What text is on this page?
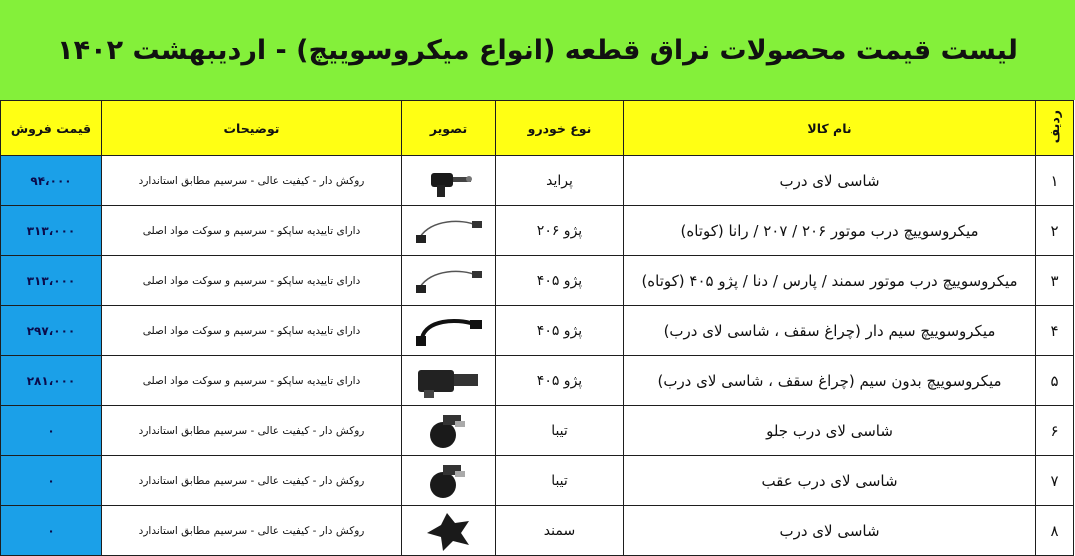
لیست قیمت محصولات نراق قطعه (انواع میکروسوییچ) - اردیبهشت ۱۴۰۲
ردیف	نام کالا	نوع خودرو	تصویر	توضیحات	قیمت فروش
۱	شاسی لای درب	پراید		روکش دار - کیفیت عالی - سرسیم مطابق استاندارد	۹۴،۰۰۰
۲	میکروسوییچ درب موتور ۲۰۶ / ۲۰۷ / رانا (کوتاه)	پژو ۲۰۶		دارای تاییدیه ساپکو - سرسیم و سوکت مواد اصلی	۳۱۳،۰۰۰
۳	میکروسوییچ درب موتور سمند / پارس / دنا / پژو ۴۰۵ (کوتاه)	پژو ۴۰۵		دارای تاییدیه ساپکو - سرسیم و سوکت مواد اصلی	۳۱۳،۰۰۰
۴	میکروسوییچ سیم دار (چراغ سقف ، شاسی لای درب)	پژو ۴۰۵		دارای تاییدیه ساپکو - سرسیم و سوکت مواد اصلی	۲۹۷،۰۰۰
۵	میکروسوییچ بدون سیم (چراغ سقف ، شاسی لای درب)	پژو ۴۰۵		دارای تاییدیه ساپکو - سرسیم و سوکت مواد اصلی	۲۸۱،۰۰۰
۶	شاسی لای درب جلو	تیبا		روکش دار - کیفیت عالی - سرسیم مطابق استاندارد	۰
۷	شاسی لای درب عقب	تیبا		روکش دار - کیفیت عالی - سرسیم مطابق استاندارد	۰
۸	شاسی لای درب	سمند		روکش دار - کیفیت عالی - سرسیم مطابق استاندارد	۰
